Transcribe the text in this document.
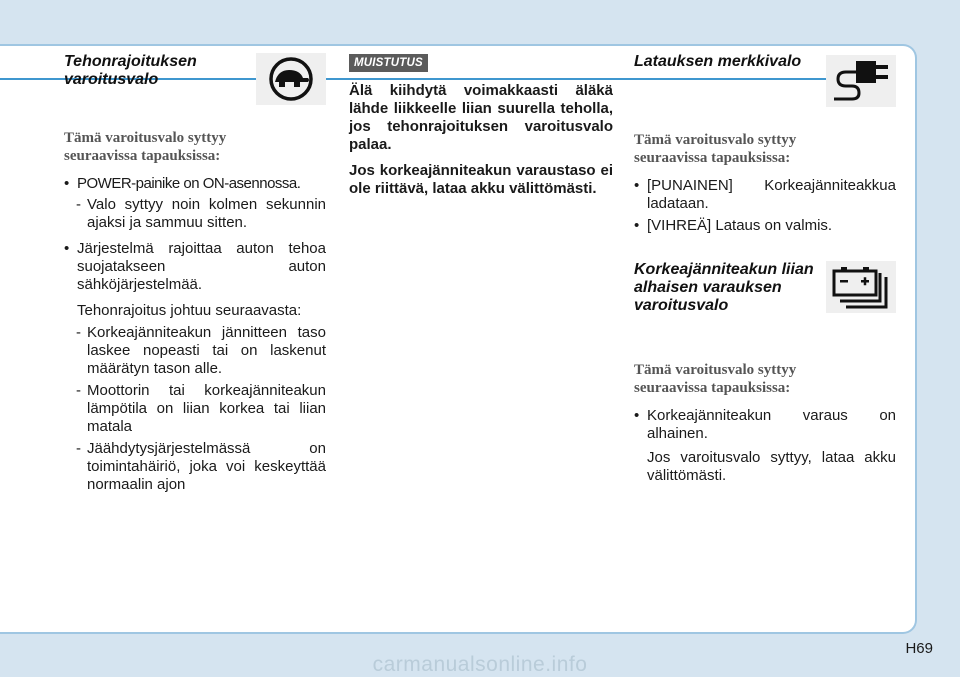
Tehonrajoituksen varoitusvalo
Tämä varoitusvalo syttyy
seuraavissa tapauksissa:
• POWER-painike on ON-asennossa.
- Valo syttyy noin kolmen sekunnin ajaksi ja sammuu sitten.
• Järjestelmä rajoittaa auton tehoa suojatakseen auton sähköjärjestelmää.
Tehonrajoitus johtuu seuraavasta:
- Korkeajänniteakun jännitteen taso laskee nopeasti tai on laskenut määrätyn tason alle.
- Moottorin tai korkeajänniteakun lämpötila on liian korkea tai liian matala
- Jäähdytysjärjestelmässä on toimintahäiriö, joka voi keskeyttää normaalin ajon
MUISTUTUS
Älä kiihdytä voimakkaasti äläkä lähde liikkeelle liian suurella teholla, jos tehonrajoituksen varoitusvalo palaa.
Jos korkeajänniteakun varaustaso ei ole riittävä, lataa akku välittömästi.
Latauksen merkkivalo
Tämä varoitusvalo syttyy
seuraavissa tapauksissa:
• [PUNAINEN] Korkeajänniteakkua ladataan.
• [VIHREÄ] Lataus on valmis.
Korkeajänniteakun liian alhaisen varauksen varoitusvalo
Tämä varoitusvalo syttyy
seuraavissa tapauksissa:
• Korkeajänniteakun varaus on alhainen.
Jos varoitusvalo syttyy, lataa akku välittömästi.
H69
carmanualsonline.info
